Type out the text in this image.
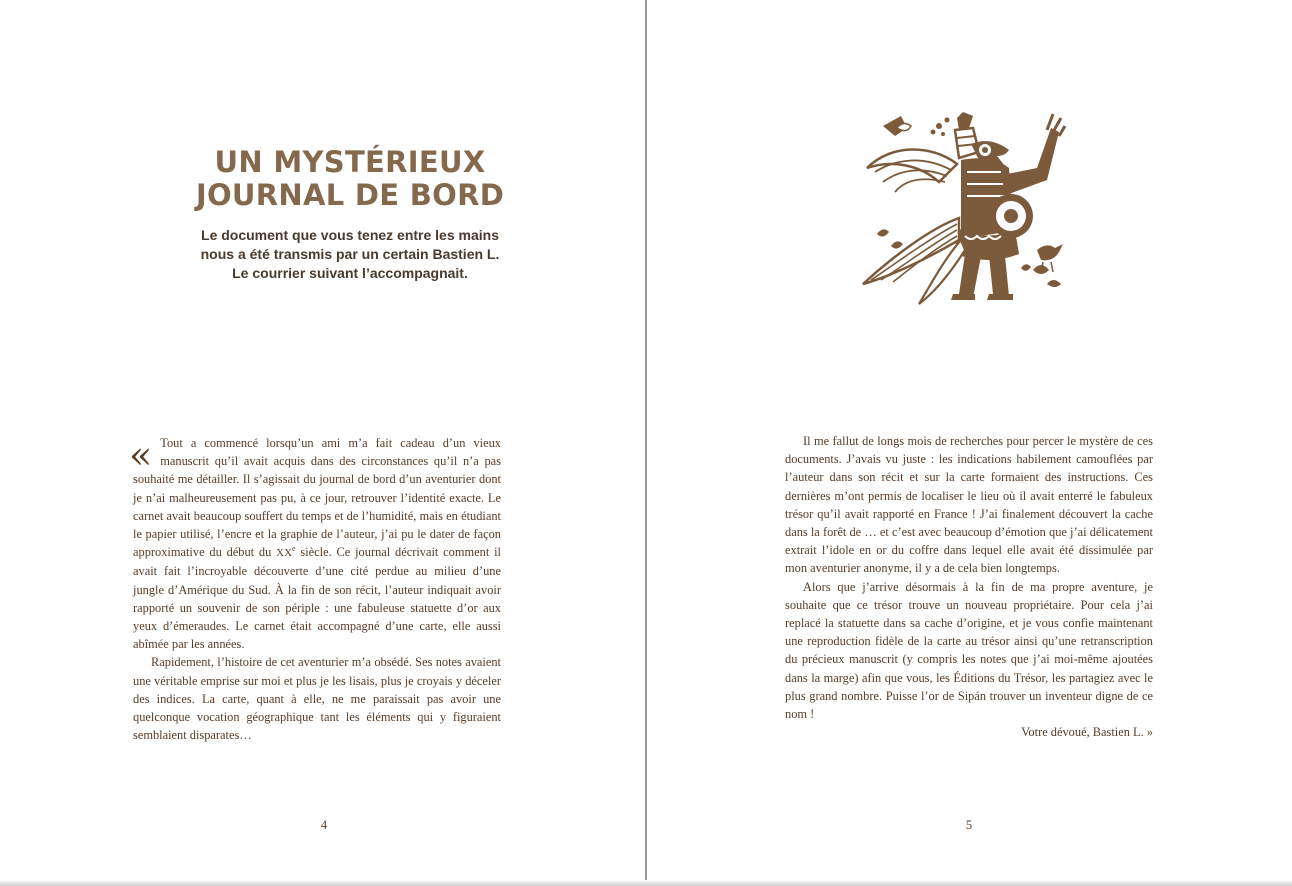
UN MYSTÉRIEUX
JOURNAL DE BORD

Le document que vous tenez entre les mains
nous a été transmis par un certain Bastien L.
Le courrier suivant l’accompagnait.

« Tout a commencé lorsqu’un ami m’a fait cadeau d’un vieux manuscrit qu’il avait acquis dans des circonstances qu’il n’a pas souhaité me détailler. Il s’agissait du journal de bord d’un aventurier dont je n’ai malheureusement pas pu, à ce jour, retrouver l’identité exacte. Le carnet avait beaucoup souffert du temps et de l’humidité, mais en étudiant le papier utilisé, l’encre et la graphie de l’auteur, j’ai pu le dater de façon approximative du début du XXe siècle. Ce journal décrivait comment il avait fait l’incroyable découverte d’une cité perdue au milieu d’une jungle d’Amérique du Sud. À la fin de son récit, l’auteur indiquait avoir rapporté un souvenir de son périple : une fabuleuse statuette d’or aux yeux d’émeraudes. Le carnet était accompagné d’une carte, elle aussi abîmée par les années.

Rapidement, l’histoire de cet aventurier m’a obsédé. Ses notes avaient une véritable emprise sur moi et plus je les lisais, plus je croyais y déceler des indices. La carte, quant à elle, ne me paraissait pas avoir une quelconque vocation géographique tant les éléments qui y figuraient semblaient disparates…

4

Il me fallut de longs mois de recherches pour percer le mystère de ces documents. J’avais vu juste : les indications habilement camouflées par l’auteur dans son récit et sur la carte formaient des instructions. Ces dernières m’ont permis de localiser le lieu où il avait enterré le fabuleux trésor qu’il avait rapporté en France ! J’ai finalement découvert la cache dans la forêt de … et c’est avec beaucoup d’émotion que j’ai délicatement extrait l’idole en or du coffre dans lequel elle avait été dissimulée par mon aventurier anonyme, il y a de cela bien longtemps.

Alors que j’arrive désormais à la fin de ma propre aventure, je souhaite que ce trésor trouve un nouveau propriétaire. Pour cela j’ai replacé la statuette dans sa cache d’origine, et je vous confie maintenant une reproduction fidèle de la carte au trésor ainsi qu’une retranscription du précieux manuscrit (y compris les notes que j’ai moi-même ajoutées dans la marge) afin que vous, les Éditions du Trésor, les partagiez avec le plus grand nombre. Puisse l’or de Sipán trouver un inventeur digne de ce nom !

Votre dévoué, Bastien L. »

5
